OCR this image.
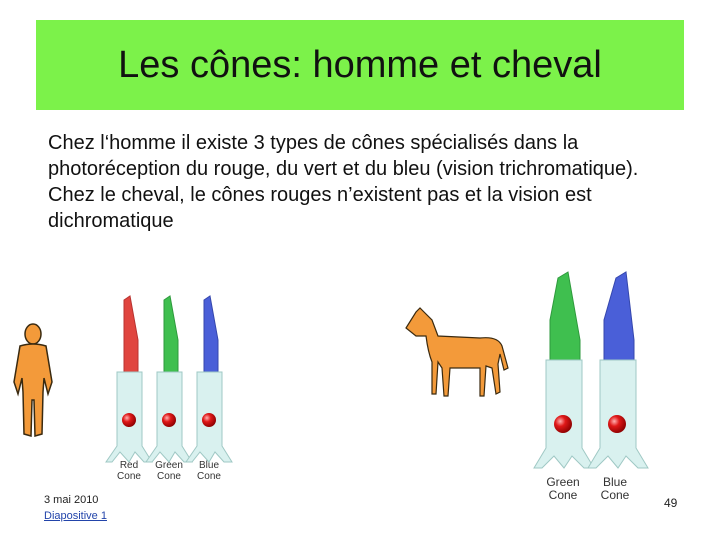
Les cônes: homme et cheval

Chez l‘homme il existe 3 types de cônes spécialisés dans la photoréception du rouge, du vert et du bleu (vision trichromatique).

Chez le cheval, le cônes rouges n’existent pas et la vision est dichromatique

Red
Cone
Green
Cone
Blue
Cone	Green
Cone
Blue
Cone
3 mai 2010
Diapositive 1
49
